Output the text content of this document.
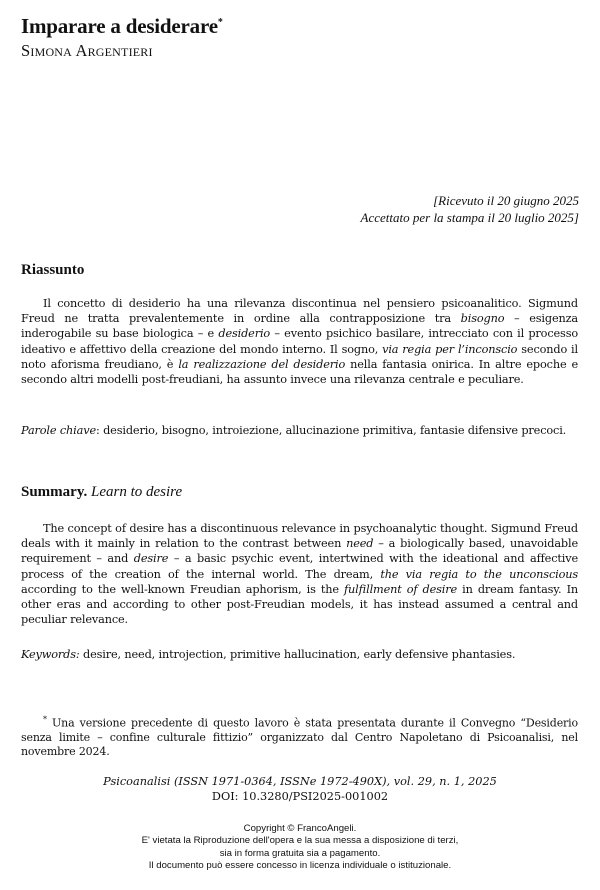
Imparare a desiderare*
Simona Argentieri
[Ricevuto il 20 giugno 2025
Accettato per la stampa il 20 luglio 2025]
Riassunto

Il concetto di desiderio ha una rilevanza discontinua nel pensiero psicoanalitico. Sigmund Freud ne tratta prevalentemente in ordine alla contrapposizione tra bisogno – esigenza inderogabile su base biologica – e desiderio – evento psichico basilare, intrecciato con il processo ideativo e affettivo della creazione del mondo interno. Il sogno, via regia per l’inconscio secondo il noto aforisma freudiano, è la realizzazione del desiderio nella fantasia onirica. In altre epoche e secondo altri modelli post-freudiani, ha assunto invece una rilevanza centrale e peculiare.

Parole chiave: desiderio, bisogno, introiezione, allucinazione primitiva, fantasie difensive precoci.

Summary. Learn to desire

The concept of desire has a discontinuous relevance in psychoanalytic thought. Sigmund Freud deals with it mainly in relation to the contrast between need – a biologically based, unavoidable requirement – and desire – a basic psychic event, intertwined with the ideational and affective process of the creation of the internal world. The dream, the via regia to the unconscious according to the well-known Freudian aphorism, is the fulfillment of desire in dream fantasy. In other eras and according to other post-Freudian models, it has instead assumed a central and peculiar relevance.

Keywords: desire, need, introjection, primitive hallucination, early defensive phantasies.

* Una versione precedente di questo lavoro è stata presentata durante il Convegno “Desiderio senza limite – confine culturale fittizio” organizzato dal Centro Napoletano di Psicoanalisi, nel novembre 2024.

Psicoanalisi (ISSN 1971-0364, ISSNe 1972-490X), vol. 29, n. 1, 2025
DOI: 10.3280/PSI2025-001002
Copyright © FrancoAngeli.
E' vietata la Riproduzione dell'opera e la sua messa a disposizione di terzi,
sia in forma gratuita sia a pagamento.
Il documento può essere concesso in licenza individuale o istituzionale.
